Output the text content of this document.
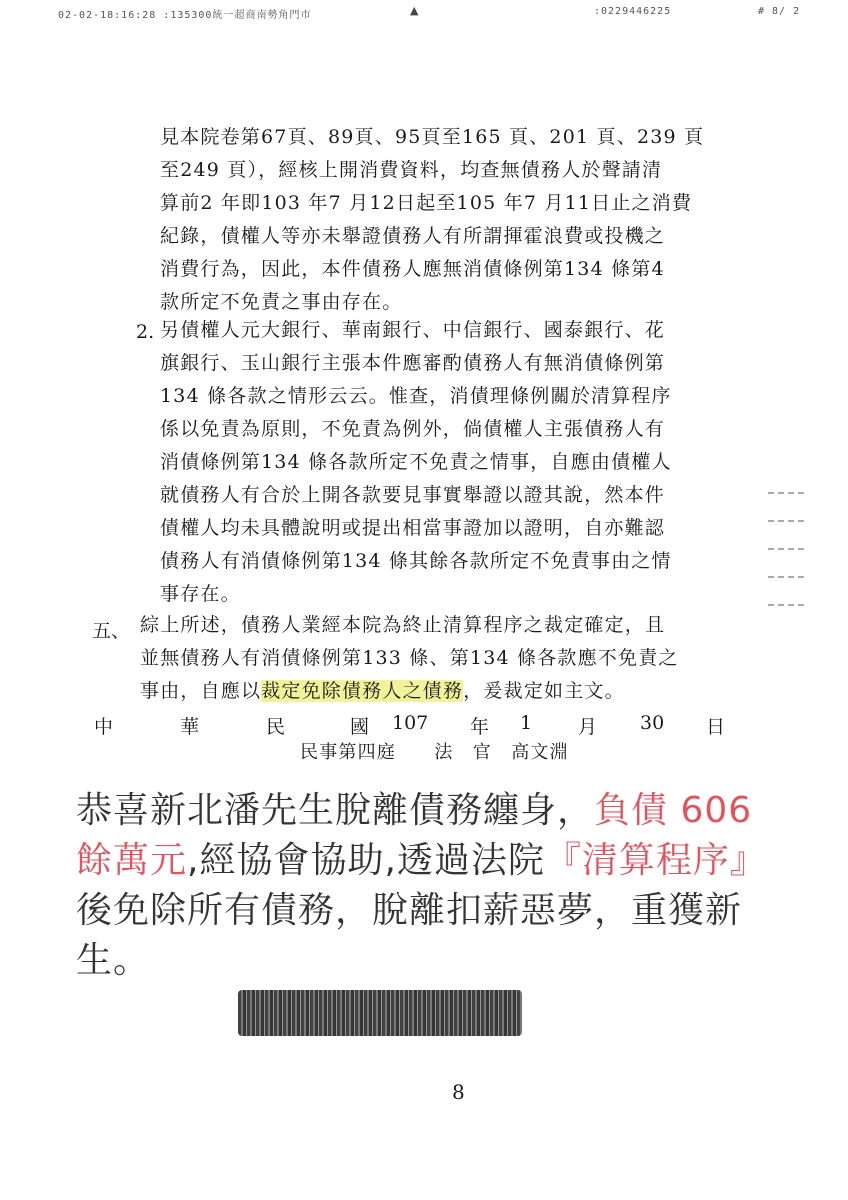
02-02-18:16:28 :135300統一超商南勢角門市	▲	:0229446225	# 8/ 2
見本院卷第67頁、89頁、95頁至165 頁、201 頁、239 頁
至249 頁），經核上開消費資料，均查無債務人於聲請清
算前2 年即103 年7 月12日起至105 年7 月11日止之消費
紀錄，債權人等亦未舉證債務人有所謂揮霍浪費或投機之
消費行為，因此，本件債務人應無消債條例第134 條第4
款所定不免責之事由存在。
2. 另債權人元大銀行、華南銀行、中信銀行、國泰銀行、花
旗銀行、玉山銀行主張本件應審酌債務人有無消債條例第
134 條各款之情形云云。惟查，消債理條例關於清算程序
係以免責為原則，不免責為例外，倘債權人主張債務人有
消債條例第134 條各款所定不免責之情事，自應由債權人
就債務人有合於上開各款要見事實舉證以證其說，然本件
債權人均未具體說明或提出相當事證加以證明，自亦難認
債務人有消債條例第134 條其餘各款所定不免責事由之情
事存在。
五、 綜上所述，債務人業經本院為終止清算程序之裁定確定，且
並無債務人有消債條例第133 條、第134 條各款應不免責之
事由，自應以裁定免除債務人之債務，爰裁定如主文。
中	華	民	國 107 年 1 月 30 日
民事第四庭　　法　官　高文淵
恭喜新北潘先生脫離債務纏身，負債 606
餘萬元,經協會協助,透過法院『清算程序』
後免除所有債務，脫離扣薪惡夢，重獲新
生。
8
